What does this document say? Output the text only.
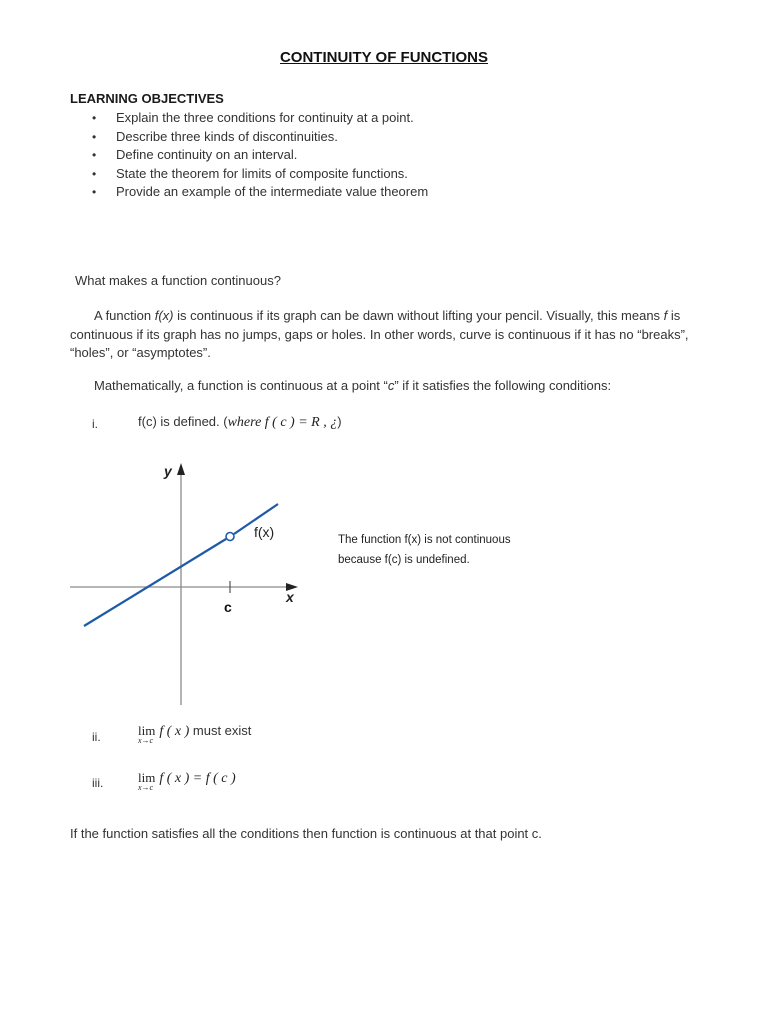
CONTINUITY OF FUNCTIONS
LEARNING OBJECTIVES
• Explain the three conditions for continuity at a point.
• Describe three kinds of discontinuities.
• Define continuity on an interval.
• State the theorem for limits of composite functions.
• Provide an example of the intermediate value theorem
What makes a function continuous?
A function f(x) is continuous if its graph can be dawn without lifting your pencil. Visually, this means f is continuous if its graph has no jumps, gaps or holes. In other words, curve is continuous if it has no “breaks”, “holes”, or “asymptotes”.
Mathematically, a function is continuous at a point “c” if it satisfies the following conditions:
i.	f(c) is defined. (where f ( c ) = R , ¿)
y
x
c
f(x)	The function f(x) is not continuous
because f(c) is undefined.
ii.	lim f ( x ) must exist
x→c
iii.	lim f ( x ) = f ( c )
x→c
If the function satisfies all the conditions then function is continuous at that point c.
